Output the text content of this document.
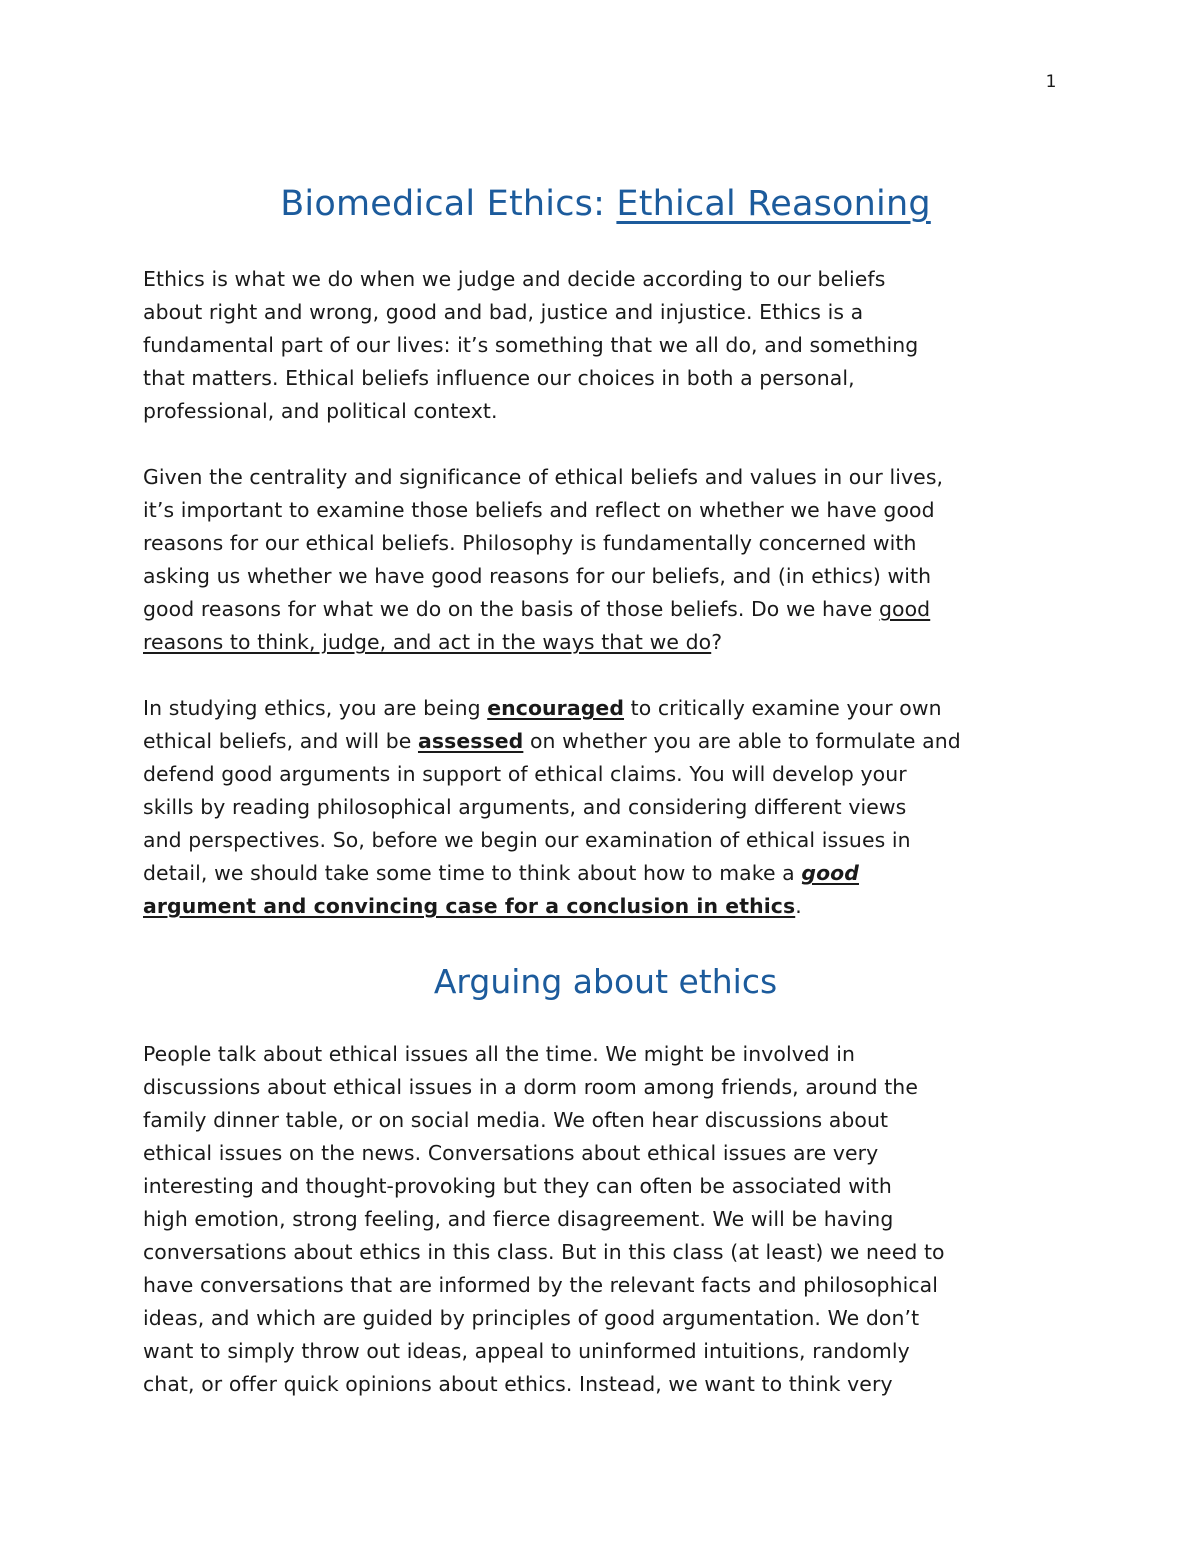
1
Biomedical Ethics: Ethical Reasoning

Ethics is what we do when we judge and decide according to our beliefs
about right and wrong, good and bad, justice and injustice. Ethics is a
fundamental part of our lives: it’s something that we all do, and something
that matters. Ethical beliefs influence our choices in both a personal,
professional, and political context.

Given the centrality and significance of ethical beliefs and values in our lives,
it’s important to examine those beliefs and reflect on whether we have good
reasons for our ethical beliefs. Philosophy is fundamentally concerned with
asking us whether we have good reasons for our beliefs, and (in ethics) with
good reasons for what we do on the basis of those beliefs. Do we have good
reasons to think, judge, and act in the ways that we do?

In studying ethics, you are being encouraged to critically examine your own
ethical beliefs, and will be assessed on whether you are able to formulate and
defend good arguments in support of ethical claims. You will develop your
skills by reading philosophical arguments, and considering different views
and perspectives. So, before we begin our examination of ethical issues in
detail, we should take some time to think about how to make a good
argument and convincing case for a conclusion in ethics.

Arguing about ethics

People talk about ethical issues all the time. We might be involved in
discussions about ethical issues in a dorm room among friends, around the
family dinner table, or on social media. We often hear discussions about
ethical issues on the news. Conversations about ethical issues are very
interesting and thought-provoking but they can often be associated with
high emotion, strong feeling, and fierce disagreement. We will be having
conversations about ethics in this class. But in this class (at least) we need to
have conversations that are informed by the relevant facts and philosophical
ideas, and which are guided by principles of good argumentation. We don’t
want to simply throw out ideas, appeal to uninformed intuitions, randomly
chat, or offer quick opinions about ethics. Instead, we want to think very
